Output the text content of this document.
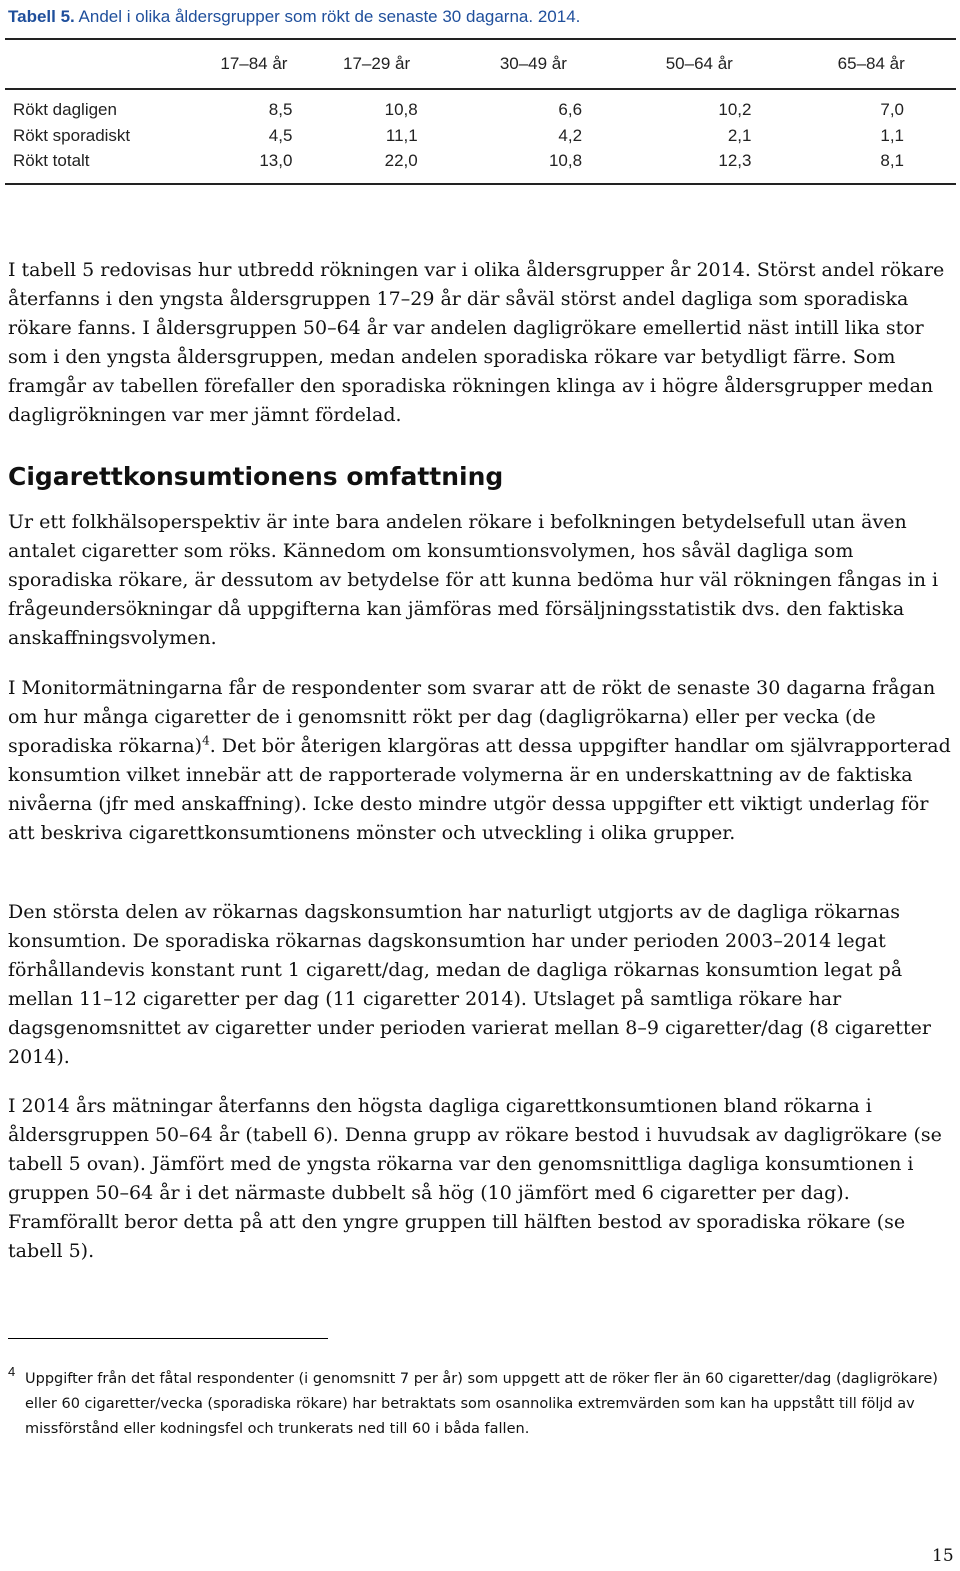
Tabell 5. Andel i olika åldersgrupper som rökt de senaste 30 dagarna. 2014.
	17–84 år	17–29 år	30–49 år	50–64 år	65–84 år
Rökt dagligen	8,5	10,8	6,6	10,2	7,0
Rökt sporadiskt	4,5	11,1	4,2	2,1	1,1
Rökt totalt	13,0	22,0	10,8	12,3	8,1

I tabell 5 redovisas hur utbredd rökningen var i olika åldersgrupper år 2014. Störst andel rökare återfanns i den yngsta åldersgruppen 17–29 år där såväl störst andel dagliga som sporadiska rökare fanns. I åldersgruppen 50–64 år var andelen dagligrökare emellertid näst intill lika stor som i den yngsta åldersgruppen, medan andelen sporadiska rökare var betydligt färre. Som framgår av tabellen förefaller den sporadiska rökningen klinga av i högre åldersgrupper medan dagligrökningen var mer jämnt fördelad.

Cigarettkonsumtionens omfattning

Ur ett folkhälsoperspektiv är inte bara andelen rökare i befolkningen betydelsefull utan även antalet cigaretter som röks. Kännedom om konsumtionsvolymen, hos såväl dagliga som sporadiska rökare, är dessutom av betydelse för att kunna bedöma hur väl rökningen fångas in i frågeundersökningar då uppgifterna kan jämföras med försäljningsstatistik dvs. den faktiska anskaffningsvolymen.

I Monitormätningarna får de respondenter som svarar att de rökt de senaste 30 dagarna frågan om hur många cigaretter de i genomsnitt rökt per dag (dagligrökarna) eller per vecka (de sporadiska rökarna)$^4$. Det bör återigen klargöras att dessa uppgifter handlar om självrapporterad konsumtion vilket innebär att de rapporterade volymerna är en underskattning av de faktiska nivåerna (jfr med anskaffning). Icke desto mindre utgör dessa uppgifter ett viktigt underlag för att beskriva cigarettkonsumtionens mönster och utveckling i olika grupper.

Den största delen av rökarnas dagskonsumtion har naturligt utgjorts av de dagliga rökarnas konsumtion. De sporadiska rökarnas dagskonsumtion har under perioden 2003–2014 legat förhållandevis konstant runt 1 cigarett/dag, medan de dagliga rökarnas konsumtion legat på mellan 11–12 cigaretter per dag (11 cigaretter 2014). Utslaget på samtliga rökare har dagsgenomsnittet av cigaretter under perioden varierat mellan 8–9 cigaretter/dag (8 cigaretter 2014).

I 2014 års mätningar återfanns den högsta dagliga cigarettkonsumtionen bland rökarna i åldersgruppen 50–64 år (tabell 6). Denna grupp av rökare bestod i huvudsak av dagligrökare (se tabell 5 ovan). Jämfört med de yngsta rökarna var den genomsnittliga dagliga konsumtionen i gruppen 50–64 år i det närmaste dubbelt så hög (10 jämfört med 6 cigaretter per dag). Framförallt beror detta på att den yngre gruppen till hälften bestod av sporadiska rökare (se tabell 5).

4 Uppgifter från det fåtal respondenter (i genomsnitt 7 per år) som uppgett att de röker fler än 60 cigaretter/dag (dagligrökare) eller 60 cigaretter/vecka (sporadiska rökare) har betraktats som osannolika extremvärden som kan ha uppstått till följd av missförstånd eller kodningsfel och trunkerats ned till 60 i båda fallen.

15
